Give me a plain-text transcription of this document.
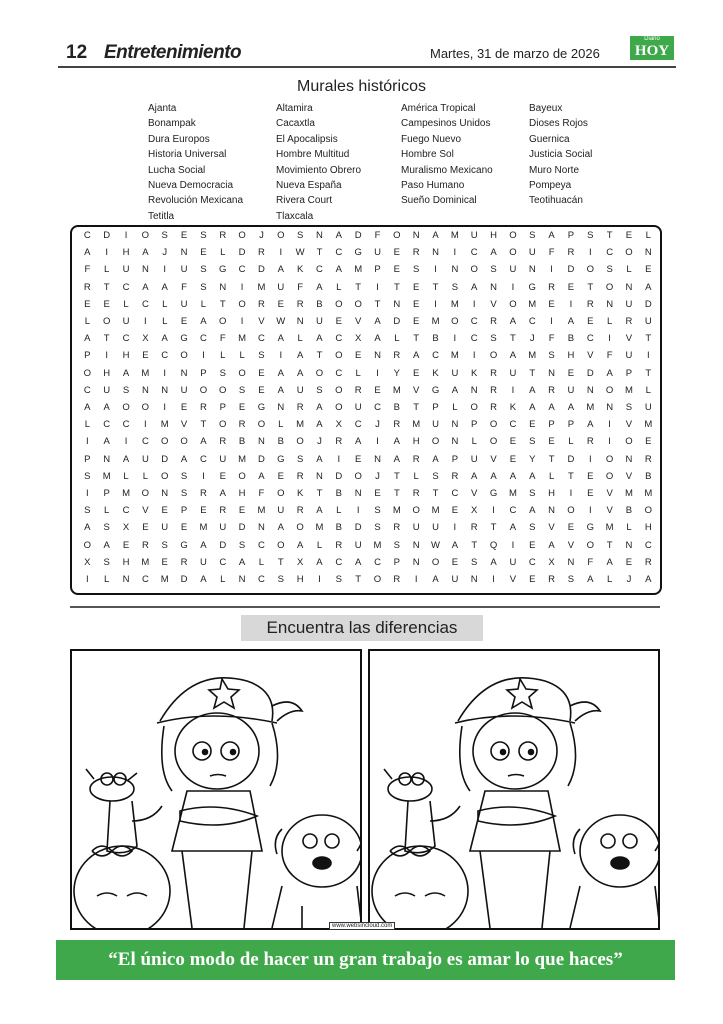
12 Entretenimiento	Martes, 31 de marzo de 2026
Diario
HOY
Murales históricos
Ajanta	Altamira	América Tropical	Bayeux
Bonampak	Cacaxtla	Campesinos Unidos	Dioses Rojos
Dura Europos	El Apocalipsis	Fuego Nuevo	Guernica
Historia Universal	Hombre Multitud	Hombre Sol	Justicia Social
Lucha Social	Movimiento Obrero	Muralismo Mexicano	Muro Norte
Nueva Democracia	Nueva España	Paso Humano	Pompeya
Revolución Mexicana	Rivera Court	Sueño Dominical	Teotihuacán
Tetitla	Tlaxcala
C	D	I	O	S	E	S	R	O	J	O	S	N	A	D	F	O	N	A	M	U	H	O	S	A	P	S	T	E	L
A	I	H	A	J	N	E	L	D	R	I	W	T	C	G	U	E	R	N	I	C	A	O	U	F	R	I	C	O	N
F	L	U	N	I	U	S	G	C	D	A	K	C	A	M	P	E	S	I	N	O	S	U	N	I	D	O	S	L	E
R	T	C	A	A	F	S	N	I	M	U	F	A	L	T	I	T	E	T	S	A	N	I	G	R	E	T	O	N	A
E	E	L	C	L	U	L	T	O	R	E	R	B	O	O	T	N	E	I	M	I	V	O	M	E	I	R	N	U	D
L	O	U	I	L	E	A	O	I	V	W	N	U	E	V	A	D	E	M	O	C	R	A	C	I	A	E	L	R	U
A	T	C	X	A	G	C	F	M	C	A	L	A	C	X	A	L	T	B	I	C	S	T	J	F	B	C	I	V	T
P	I	H	E	C	O	I	L	L	S	I	A	T	O	E	N	R	A	C	M	I	O	A	M	S	H	V	F	U	I
O	H	A	M	I	N	P	S	O	E	A	A	O	C	L	I	Y	E	K	U	K	R	U	T	N	E	D	A	P	T
C	U	S	N	N	U	O	O	S	E	A	U	S	O	R	E	M	V	G	A	N	R	I	A	R	U	N	O	M	L
A	A	O	O	I	E	R	P	E	G	N	R	A	O	U	C	B	T	P	L	O	R	K	A	A	A	M	N	S	U
L	C	C	I	M	V	T	O	R	O	L	M	A	X	C	J	R	M	U	N	P	O	C	E	P	P	A	I	V	M
I	A	I	C	O	O	A	R	B	N	B	O	J	R	A	I	A	H	O	N	L	O	E	S	E	L	R	I	O	E
P	N	A	U	D	A	C	U	M	D	G	S	A	I	E	N	A	R	A	P	U	V	E	Y	T	D	I	O	N	R
S	M	L	L	O	S	I	E	O	A	E	R	N	D	O	J	T	L	S	R	A	A	A	A	L	T	E	O	V	B
I	P	M	O	N	S	R	A	H	F	O	K	T	B	N	E	T	R	T	C	V	G	M	S	H	I	E	V	M	M
S	L	C	V	E	P	E	R	E	M	U	R	A	L	I	S	M	O	M	E	X	I	C	A	N	O	I	V	B	O
A	S	X	E	U	E	M	U	D	N	A	O	M	B	D	S	R	U	U	I	R	T	A	S	V	E	G	M	L	H
O	A	E	R	S	G	A	D	S	C	O	A	L	R	U	M	S	N	W	A	T	Q	I	E	A	V	O	T	N	C
X	S	H	M	E	R	U	C	A	L	T	X	A	C	A	C	P	N	O	E	S	A	U	C	X	N	F	A	E	R
I	L	N	C	M	D	A	L	N	C	S	H	I	S	T	O	R	I	A	U	N	I	V	E	R	S	A	L	J	A
Encuentra las diferencias
www.websincloud.com
“El único modo de hacer un gran trabajo es amar lo que haces”
